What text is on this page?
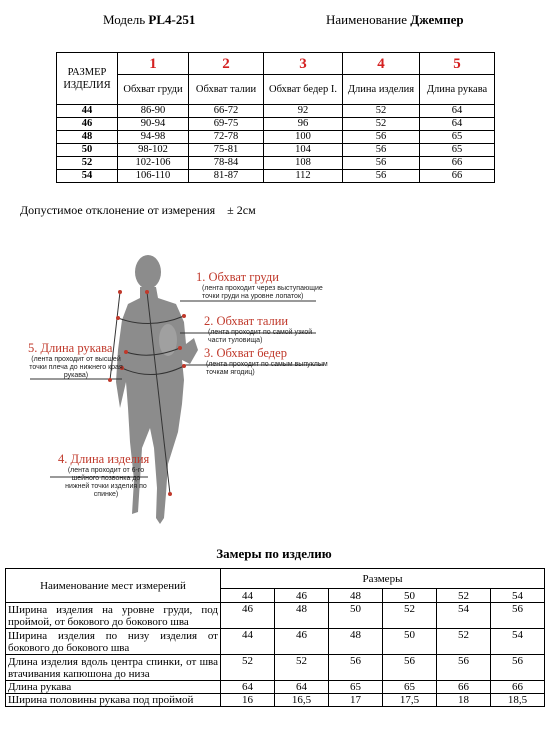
Модель PL4-251	Наименование Джемпер
РАЗМЕР ИЗДЕЛИЯ	1	2	3	4	5
	Обхват груди	Обхват талии	Обхват бедер I.	Длина изделия	Длина рукава
44	86-90	66-72	92	52	64
46	90-94	69-75	96	52	64
48	94-98	72-78	100	56	65
50	98-102	75-81	104	56	65
52	102-106	78-84	108	56	66
54	106-110	81-87	112	56	66
Допустимое отклонение от измерения    ± 2см
1. Обхват груди
(лента проходит через выступающие точки груди на уровне лопаток)
2. Обхват талии
(лента проходит по самой узкой части туловища)
3. Обхват бедер
(лента проходит по самым выпуклым точкам ягодиц)
5. Длина рукава
(лента проходит от высшей точки плеча до нижнего края рукава)
4. Длина изделия
(лента проходит от 6-го шейного позвонка до нижней точки изделия по спинке)
Замеры по изделию
Наименование мест измерений	Размеры					
	44	46	48	50	52	54
Ширина изделия на уровне груди, под проймой, от бокового до бокового шва	46	48	50	52	54	56
Ширина изделия по низу изделия от бокового до бокового шва	44	46	48	50	52	54
Длина изделия вдоль центра спинки, от шва втачивания капюшона до низа	52	52	56	56	56	56
Длина рукава	64	64	65	65	66	66
Ширина половины рукава под проймой	16	16,5	17	17,5	18	18,5
